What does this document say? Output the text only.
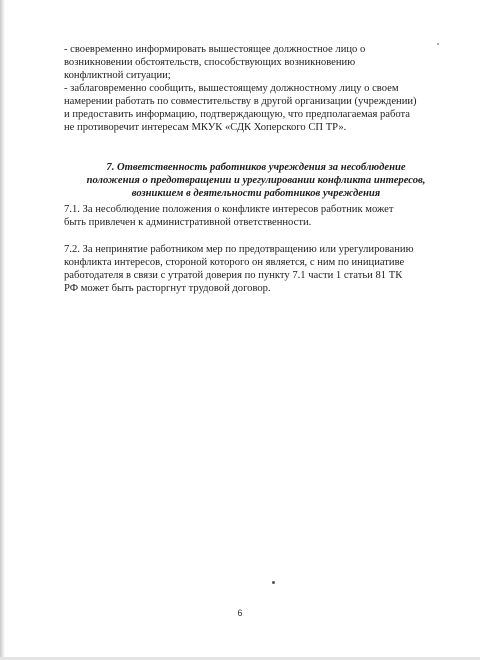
- своевременно информировать вышестоящее должностное лицо о
возникновении обстоятельств, способствующих возникновению
конфликтной ситуации;
- заблаговременно сообщить, вышестоящему должностному лицу о своем
намерении работать по совместительству в другой организации (учреждении)
и предоставить информацию, подтверждающую, что предполагаемая работа
не противоречит интересам МКУК «СДК Хоперского СП ТР».
7. Ответственность работников учреждения за несоблюдение
положения о предотвращении и урегулировании конфликта интересов,
возникшем в деятельности работников учреждения
7.1. За несоблюдение положения о конфликте интересов работник может
быть привлечен к административной ответственности.
7.2. За непринятие работником мер по предотвращению или урегулированию
конфликта интересов, стороной которого он является, с ним по инициативе
работодателя в связи с утратой доверия по пункту 7.1 части 1 статьи 81 ТК
РФ может быть расторгнут трудовой договор.
6
